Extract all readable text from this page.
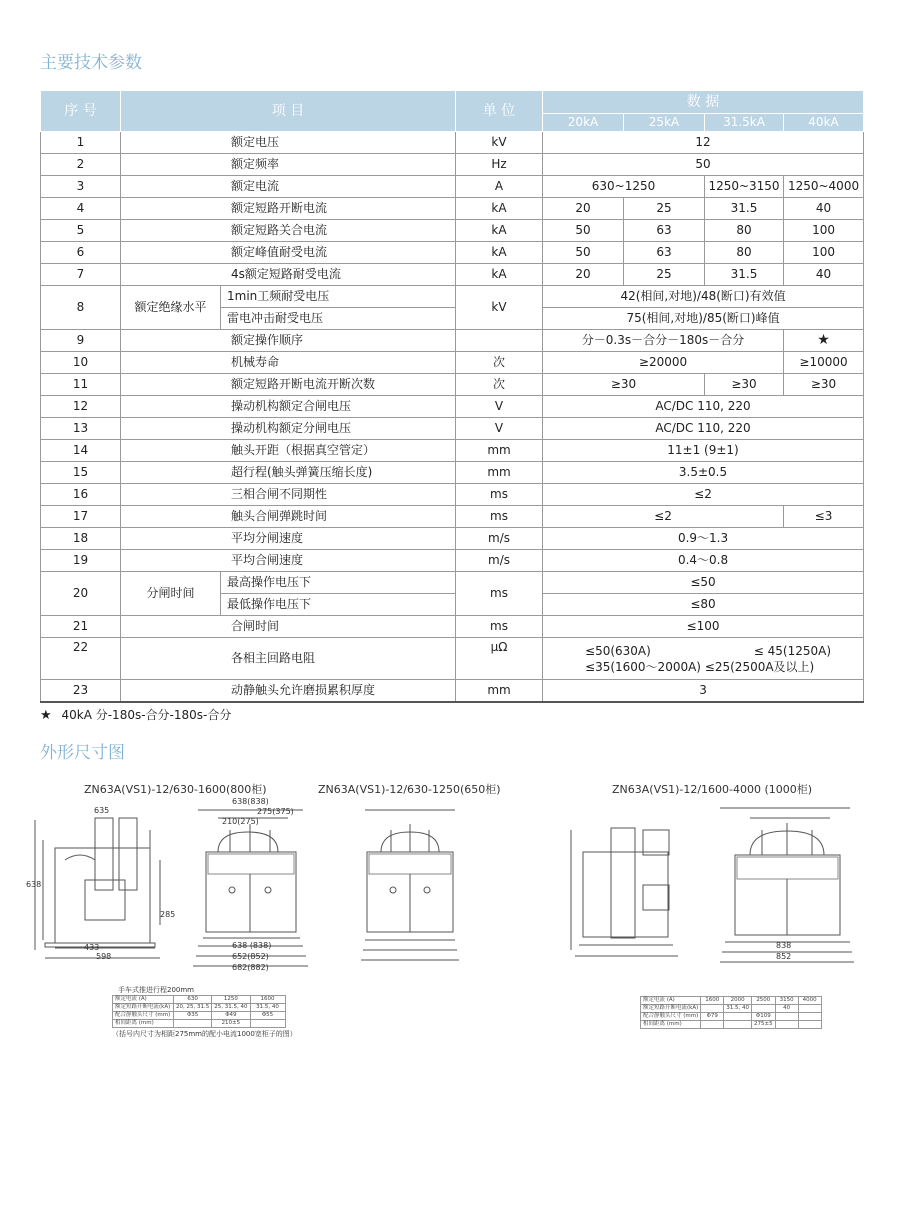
主要技术参数
序 号	项 目		单 位	数 据			
				20kA	25kA	31.5kA	40kA
1	额定电压		kV	12			
2	额定频率		Hz	50			
3	额定电流		A	630~1250		1250~3150	1250~4000
4	额定短路开断电流		kA	20	25	31.5	40
5	额定短路关合电流		kA	50	63	80	100
6	额定峰值耐受电流		kA	50	63	80	100
7	4s额定短路耐受电流		kA	20	25	31.5	40
8	额定绝缘水平	1min工频耐受电压	kV	42(相间,对地)/48(断口)有效值			
		雷电冲击耐受电压		75(相间,对地)/85(断口)峰值			
9	额定操作顺序			分－0.3s－合分－180s－合分			★
10	机械寿命		次	≥20000			≥10000
11	额定短路开断电流开断次数		次	≥30		≥30	≥30
12	操动机构额定合闸电压		V	AC/DC 110, 220			
13	操动机构额定分闸电压		V	AC/DC 110, 220			
14	触头开距（根据真空管定）		mm	11±1 (9±1)			
15	超行程(触头弹簧压缩长度)		mm	3.5±0.5			
16	三相合闸不同期性		ms	≤2			
17	触头合闸弹跳时间		ms	≤2			≤3
18	平均分闸速度		m/s	0.9～1.3			
19	平均合闸速度		m/s	0.4～0.8			
20	分闸时间	最高操作电压下	ms	≤50			
		最低操作电压下		≤80			
21	合闸时间		ms	≤100			
22	各相主回路电阻		μΩ	≤50(630A) ≤ 45(1250A)
≤35(1600～2000A) ≤25(2500A及以上)			

23	动静触头允许磨损累积厚度		mm	3			
★ 40kA 分-180s-合分-180s-合分
外形尺寸图
ZN63A(VS1)-12/630-1600(800柜)	ZN63A(VS1)-12/630-1250(650柜)	ZN63A(VS1)-12/1600-4000 (1000柜)
433
598
635
638
285
638(838)
275(375)
210(275)
638 (838)
652(852)
682(882)
838
852
手车式推进行程200mm
额定电流 (A)	630	1250	1600
额定短路开断电流(kA)	20, 25, 31.5	25, 31.5, 40	31.5, 40
配合静触头尺寸 (mm)	Φ35	Φ49	Φ55
相间距离 (mm)		210±5	
（括号内尺寸为相距275mm的配小电流1000宽柜子的图）
额定电流 (A)	1600	2000	2500	3150	4000
额定短路开断电流(kA)		31.5, 40		40	
配合静触头尺寸 (mm)	Φ79		Φ109		
相间距离 (mm)			275±5		
